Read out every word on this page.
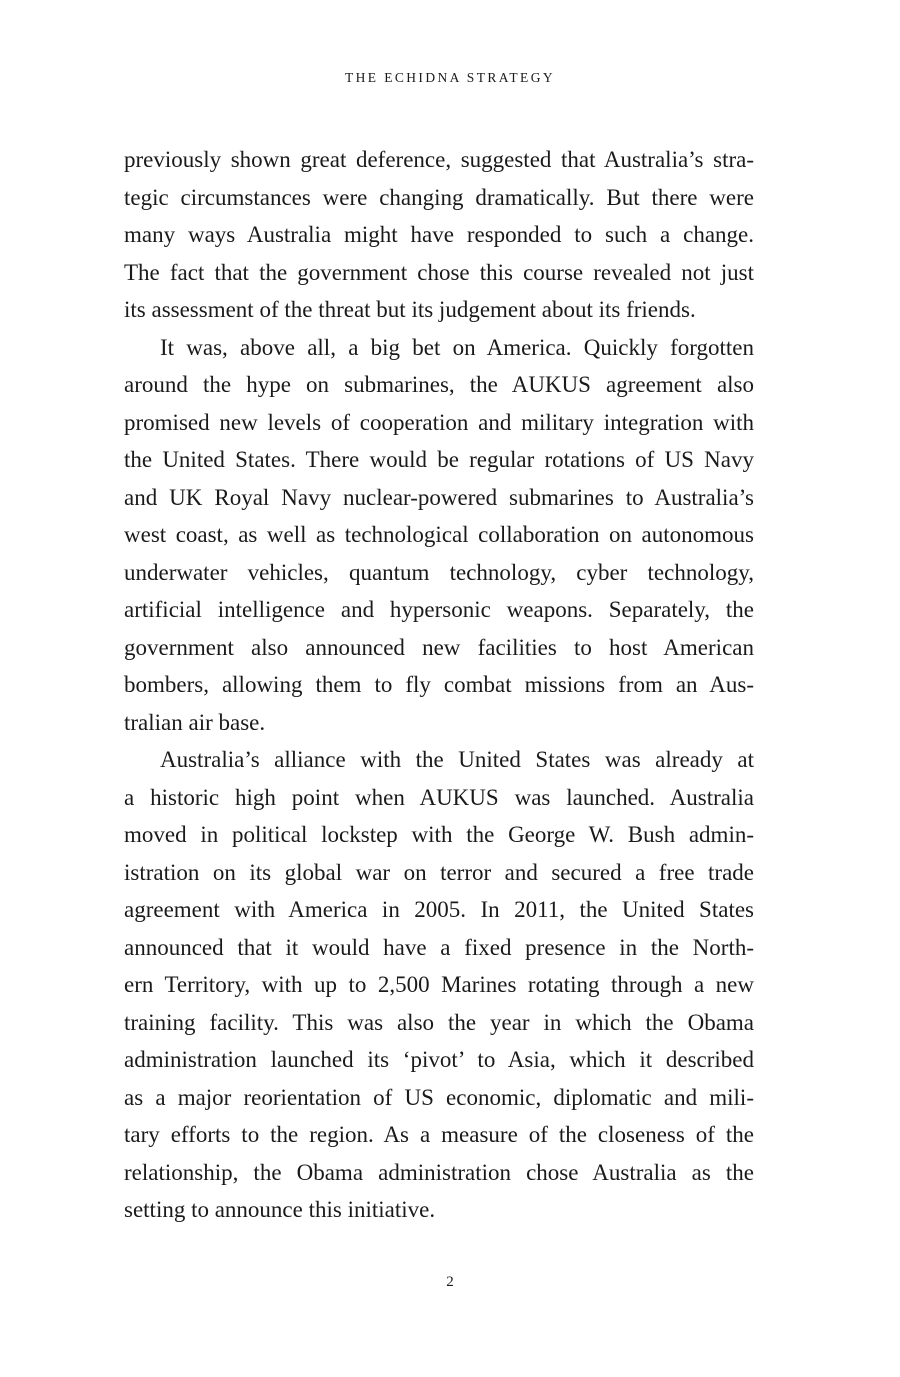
THE ECHIDNA STRATEGY
previously shown great deference, suggested that Australia’s stra-
tegic circumstances were changing dramatically. But there were
many ways Australia might have responded to such a change.
The fact that the government chose this course revealed not just
its assessment of the threat but its judgement about its friends.
It was, above all, a big bet on America. Quickly forgotten
around the hype on submarines, the AUKUS agreement also
promised new levels of cooperation and military integration with
the United States. There would be regular rotations of US Navy
and UK Royal Navy nuclear-powered submarines to Australia’s
west coast, as well as technological collaboration on autonomous
underwater vehicles, quantum technology, cyber technology,
artificial intelligence and hypersonic weapons. Separately, the
government also announced new facilities to host American
bombers, allowing them to fly combat missions from an Aus-
tralian air base.
Australia’s alliance with the United States was already at
a historic high point when AUKUS was launched. Australia
moved in political lockstep with the George W. Bush admin-
istration on its global war on terror and secured a free trade
agreement with America in 2005. In 2011, the United States
announced that it would have a fixed presence in the North-
ern Territory, with up to 2,500 Marines rotating through a new
training facility. This was also the year in which the Obama
administration launched its ‘pivot’ to Asia, which it described
as a major reorientation of US economic, diplomatic and mili-
tary efforts to the region. As a measure of the closeness of the
relationship, the Obama administration chose Australia as the
setting to announce this initiative.
2
